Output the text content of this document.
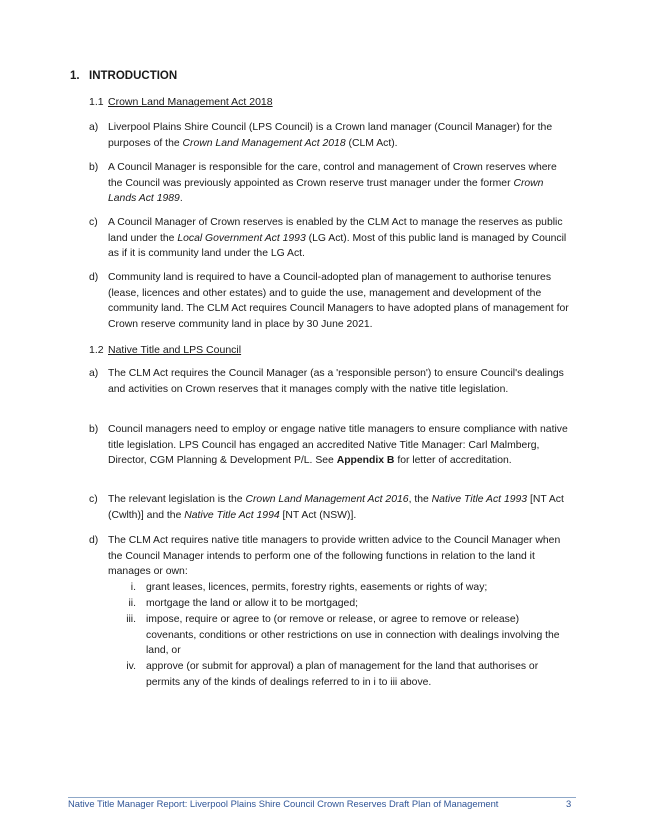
1. INTRODUCTION
1.1 Crown Land Management Act 2018
a) Liverpool Plains Shire Council (LPS Council) is a Crown land manager (Council Manager) for the purposes of the Crown Land Management Act 2018 (CLM Act).
b) A Council Manager is responsible for the care, control and management of Crown reserves where the Council was previously appointed as Crown reserve trust manager under the former Crown Lands Act 1989.
c) A Council Manager of Crown reserves is enabled by the CLM Act to manage the reserves as public land under the Local Government Act 1993 (LG Act). Most of this public land is managed by Council as if it is community land under the LG Act.
d) Community land is required to have a Council-adopted plan of management to authorise tenures (lease, licences and other estates) and to guide the use, management and development of the community land. The CLM Act requires Council Managers to have adopted plans of management for Crown reserve community land in place by 30 June 2021.
1.2 Native Title and LPS Council
a) The CLM Act requires the Council Manager (as a 'responsible person') to ensure Council's dealings and activities on Crown reserves that it manages comply with the native title legislation.
b) Council managers need to employ or engage native title managers to ensure compliance with native title legislation. LPS Council has engaged an accredited Native Title Manager: Carl Malmberg, Director, CGM Planning & Development P/L. See Appendix B for letter of accreditation.
c) The relevant legislation is the Crown Land Management Act 2016, the Native Title Act 1993 [NT Act (Cwlth)] and the Native Title Act 1994 [NT Act (NSW)].
d) The CLM Act requires native title managers to provide written advice to the Council Manager when the Council Manager intends to perform one of the following functions in relation to the land it manages or own:
i. grant leases, licences, permits, forestry rights, easements or rights of way;
ii. mortgage the land or allow it to be mortgaged;
iii. impose, require or agree to (or remove or release, or agree to remove or release) covenants, conditions or other restrictions on use in connection with dealings involving the land, or
iv. approve (or submit for approval) a plan of management for the land that authorises or permits any of the kinds of dealings referred to in i to iii above.
Native Title Manager Report: Liverpool Plains Shire Council Crown Reserves Draft Plan of Management	3
